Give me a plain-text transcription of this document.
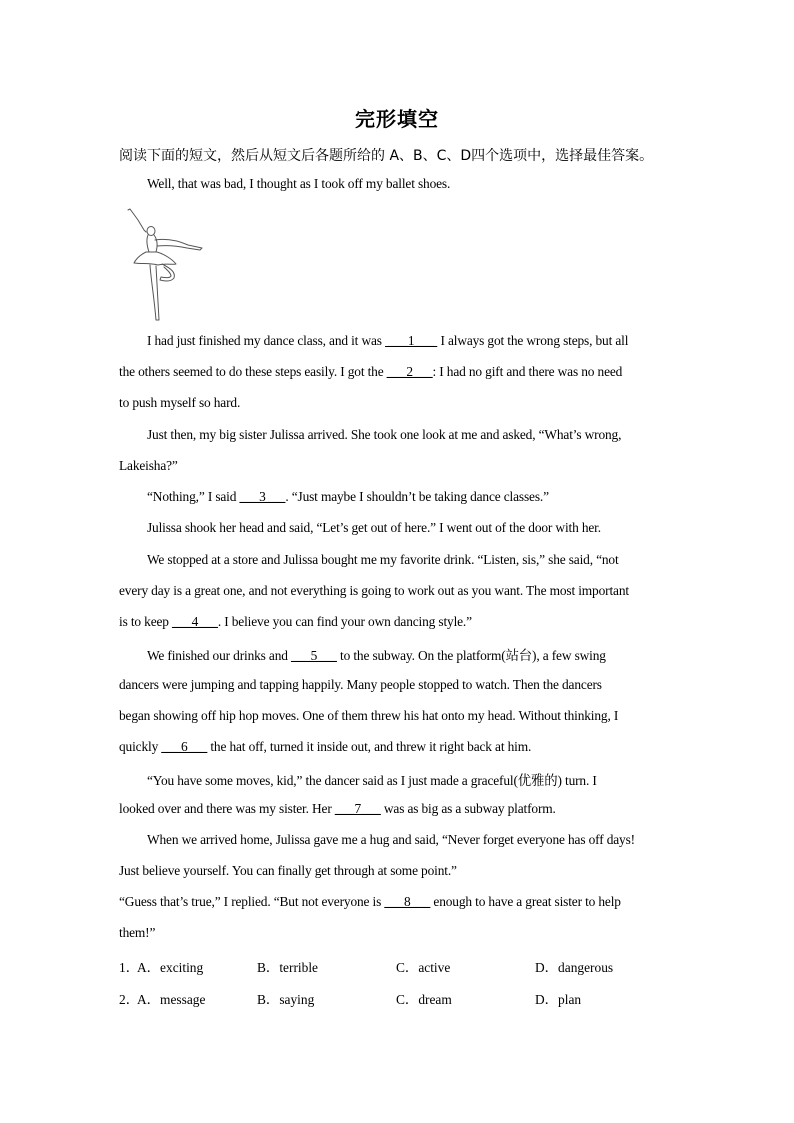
完形填空
阅读下面的短文，然后从短文后各题所给的 A、B、C、D四个选项中，选择最佳答案。
Well, that was bad, I thought as I took off my ballet shoes.
I had just finished my dance class, and it was  ___1___  I always got the wrong steps, but all
the others seemed to do these steps easily. I got the ___2___: I had no gift and there was no need
to push myself so hard.
Just then, my big sister Julissa arrived. She took one look at me and asked, “What’s wrong,
Lakeisha?”
“Nothing,” I said ___3___. “Just maybe I shouldn’t be taking dance classes.”
Julissa shook her head and said, “Let’s get out of here.” I went out of the door with her.
We stopped at a store and Julissa bought me my favorite drink. “Listen, sis,” she said, “not
every day is a great one, and not everything is going to work out as you want. The most important
is to keep ___4___. I believe you can find your own dancing style.”
We finished our drinks and ___5___ to the subway. On the platform(站台), a few swing
dancers were jumping and tapping happily. Many people stopped to watch. Then the dancers
began showing off hip hop moves. One of them threw his hat onto my head. Without thinking, I
quickly ___6___ the hat off, turned it inside out, and threw it right back at him.
“You have some moves, kid,” the dancer said as I just made a graceful(优雅的) turn. I
looked over and there was my sister. Her ___7___ was as big as a subway platform.
When we arrived home, Julissa gave me a hug and said, “Never forget everyone has off days!
Just believe yourself. You can finally get through at some point.”
“Guess that’s true,” I replied. “But not everyone is ___8___ enough to have a great sister to help
them!”
1．
A．exciting	B．terrible	C．active	D．dangerous
2．
A．message	B．saying	C．dream	D．plan
